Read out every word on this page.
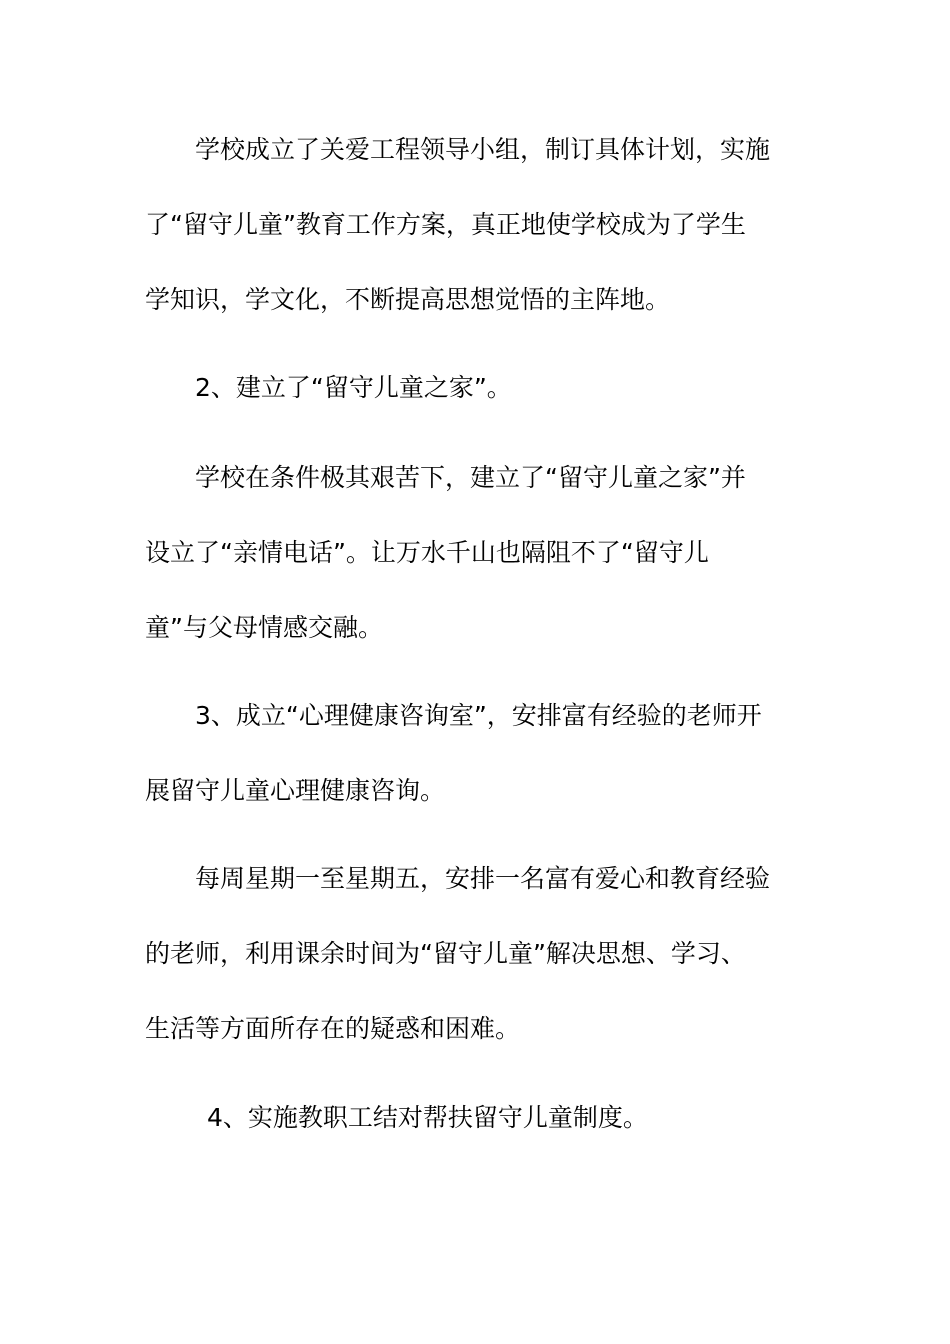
学校成立了关爱工程领导小组，制订具体计划，实施
了“留守儿童”教育工作方案，真正地使学校成为了学生
学知识，学文化，不断提高思想觉悟的主阵地。
2、建立了“留守儿童之家”。
学校在条件极其艰苦下，建立了“留守儿童之家”并
设立了“亲情电话”。让万水千山也隔阻不了“留守儿
童”与父母情感交融。
3、成立“心理健康咨询室”，安排富有经验的老师开
展留守儿童心理健康咨询。
每周星期一至星期五，安排一名富有爱心和教育经验
的老师，利用课余时间为“留守儿童”解决思想、学习、
生活等方面所存在的疑惑和困难。
4、实施教职工结对帮扶留守儿童制度。
